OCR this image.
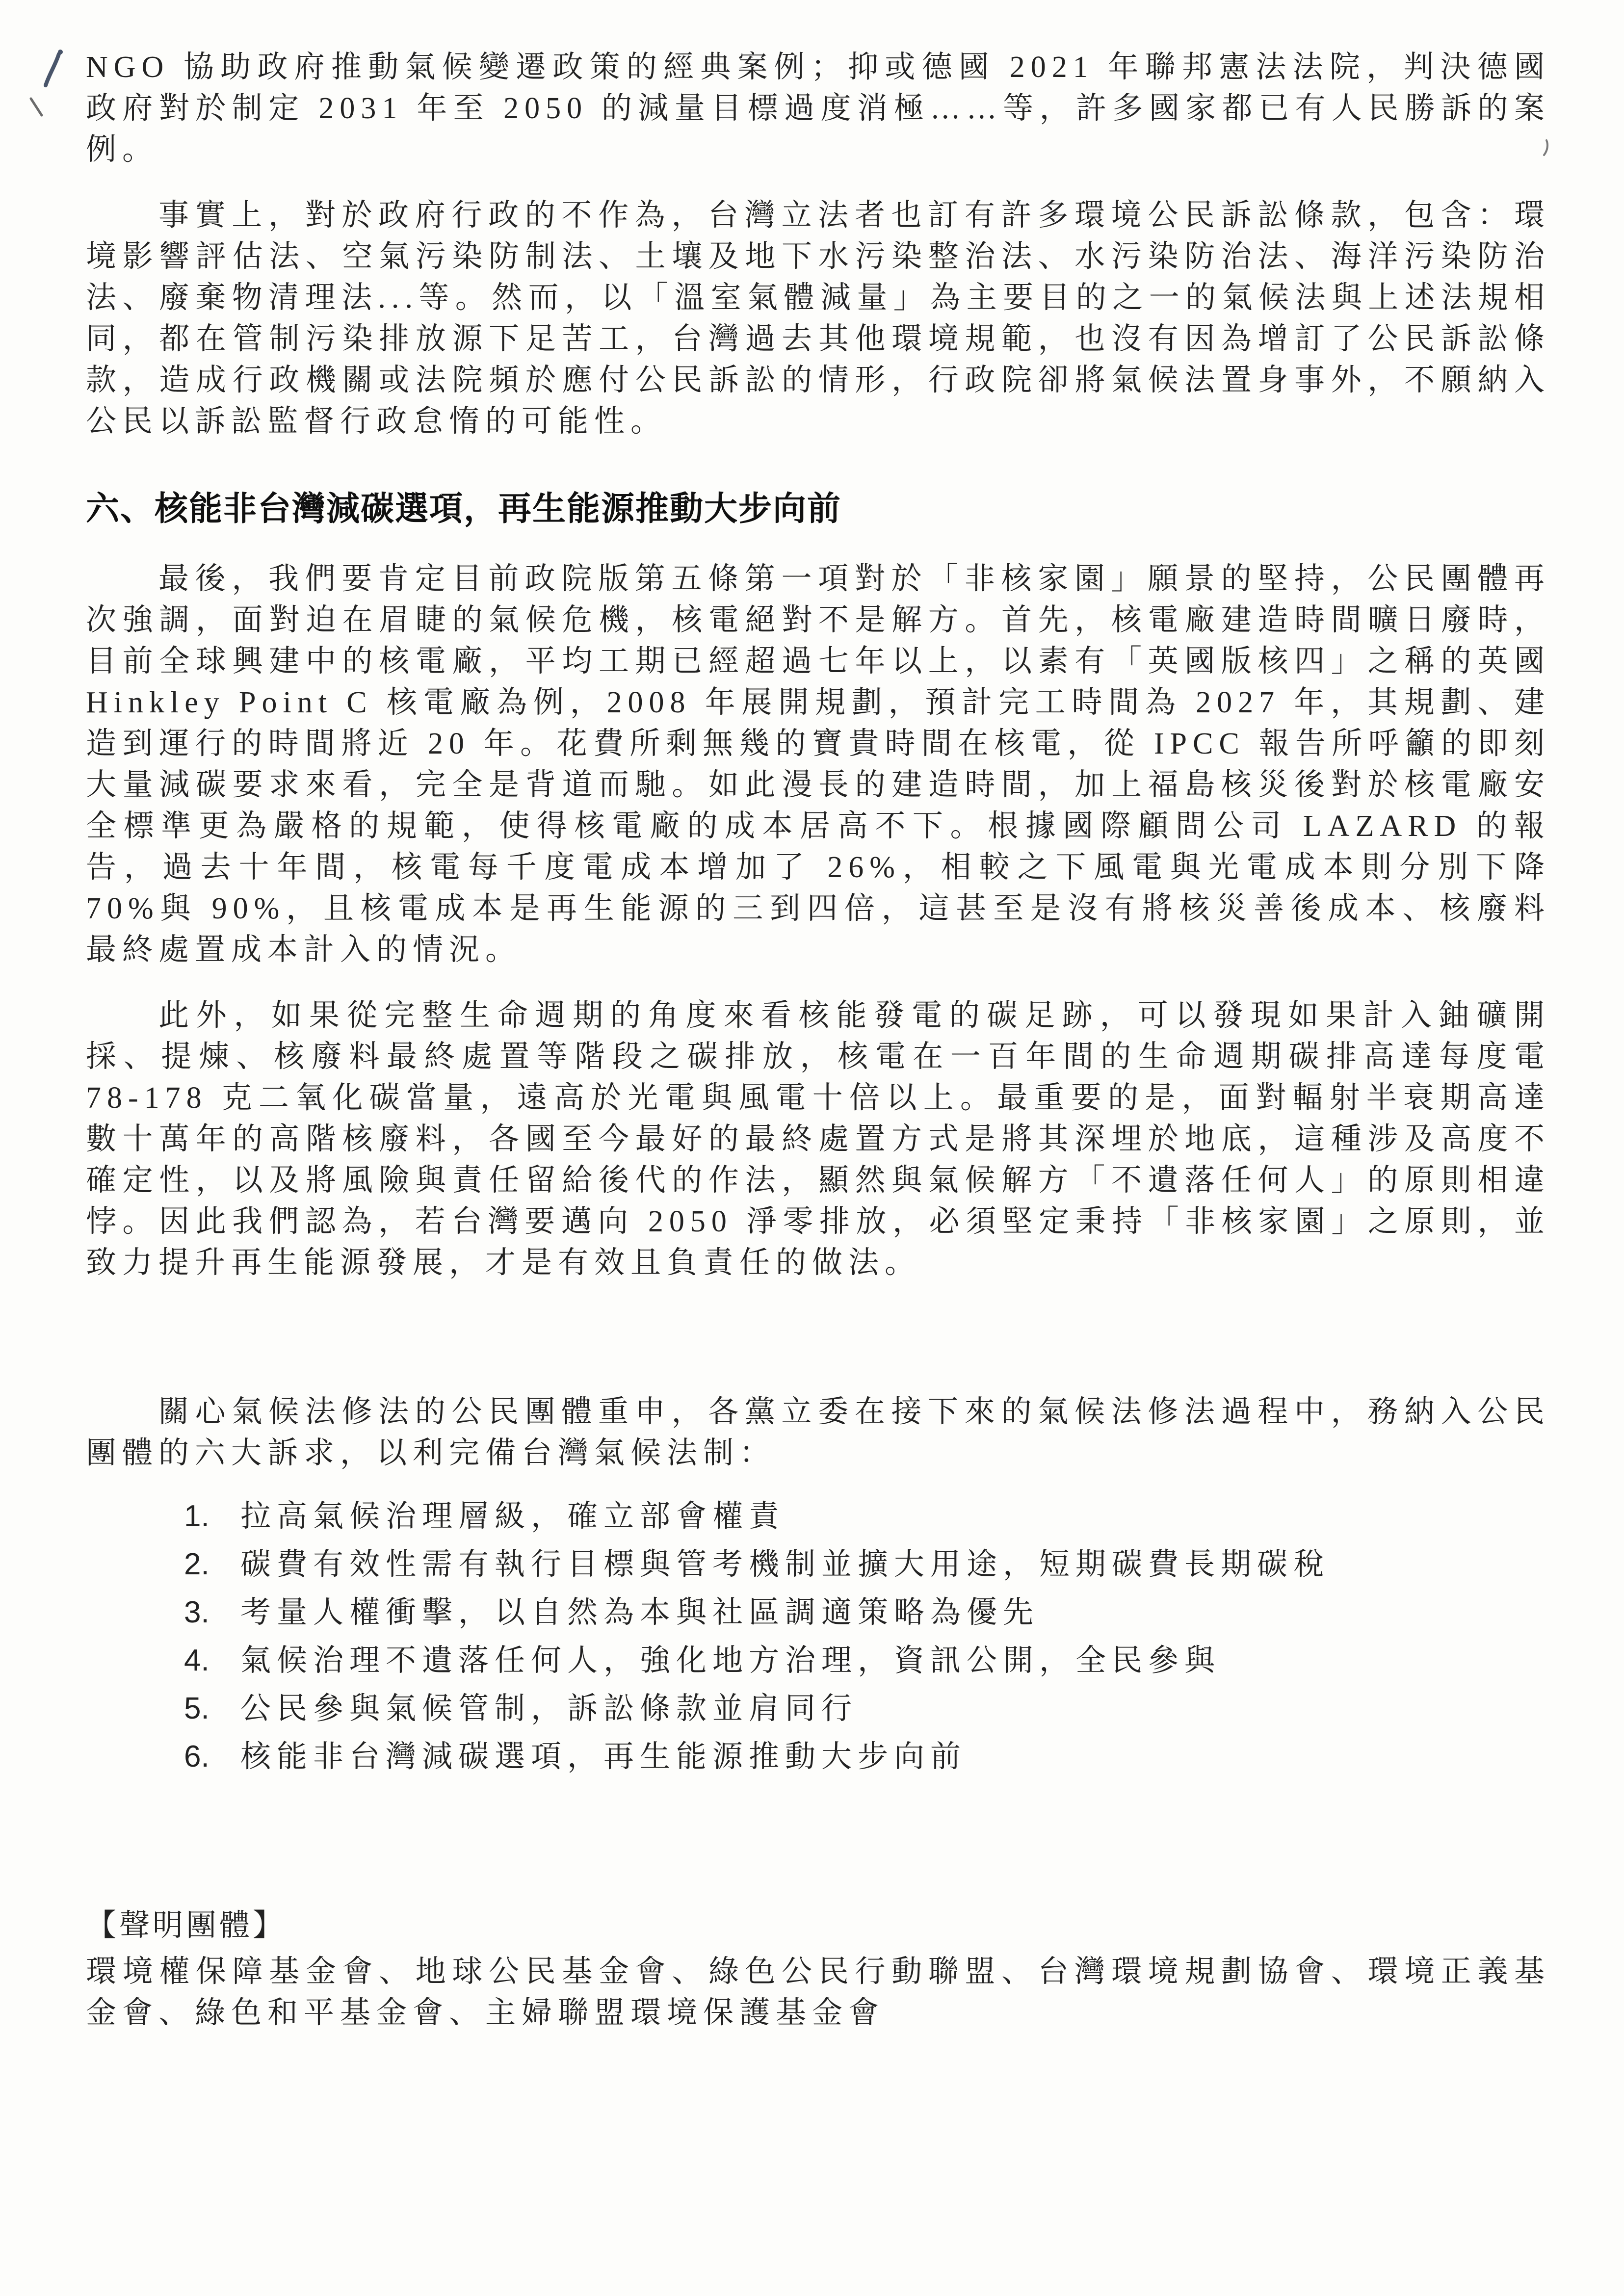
NGO 協助政府推動氣候變遷政策的經典案例；抑或德國 2021 年聯邦憲法法院，判決德國政府對於制定 2031 年至 2050 的減量目標過度消極……等，許多國家都已有人民勝訴的案例。

事實上，對於政府行政的不作為，台灣立法者也訂有許多環境公民訴訟條款，包含：環境影響評估法、空氣污染防制法、土壤及地下水污染整治法、水污染防治法、海洋污染防治法、廢棄物清理法...等。然而，以「溫室氣體減量」為主要目的之一的氣候法與上述法規相同，都在管制污染排放源下足苦工，台灣過去其他環境規範，也沒有因為增訂了公民訴訟條款，造成行政機關或法院頻於應付公民訴訟的情形，行政院卻將氣候法置身事外，不願納入公民以訴訟監督行政怠惰的可能性。

六、核能非台灣減碳選項，再生能源推動大步向前

最後，我們要肯定目前政院版第五條第一項對於「非核家園」願景的堅持，公民團體再次強調，面對迫在眉睫的氣候危機，核電絕對不是解方。首先，核電廠建造時間曠日廢時，目前全球興建中的核電廠，平均工期已經超過七年以上，以素有「英國版核四」之稱的英國 Hinkley Point C 核電廠為例，2008 年展開規劃，預計完工時間為 2027 年，其規劃、建造到運行的時間將近 20 年。花費所剩無幾的寶貴時間在核電，從 IPCC 報告所呼籲的即刻大量減碳要求來看，完全是背道而馳。如此漫長的建造時間，加上福島核災後對於核電廠安全標準更為嚴格的規範，使得核電廠的成本居高不下。根據國際顧問公司 LAZARD 的報告，過去十年間，核電每千度電成本增加了 26%，相較之下風電與光電成本則分別下降 70%與 90%，且核電成本是再生能源的三到四倍，這甚至是沒有將核災善後成本、核廢料最終處置成本計入的情況。

此外，如果從完整生命週期的角度來看核能發電的碳足跡，可以發現如果計入鈾礦開採、提煉、核廢料最終處置等階段之碳排放，核電在一百年間的生命週期碳排高達每度電 78-178 克二氧化碳當量，遠高於光電與風電十倍以上。最重要的是，面對輻射半衰期高達數十萬年的高階核廢料，各國至今最好的最終處置方式是將其深埋於地底，這種涉及高度不確定性，以及將風險與責任留給後代的作法，顯然與氣候解方「不遺落任何人」的原則相違悖。因此我們認為，若台灣要邁向 2050 淨零排放，必須堅定秉持「非核家園」之原則，並致力提升再生能源發展，才是有效且負責任的做法。

關心氣候法修法的公民團體重申，各黨立委在接下來的氣候法修法過程中，務納入公民團體的六大訴求，以利完備台灣氣候法制：

1.	拉高氣候治理層級，確立部會權責
2.	碳費有效性需有執行目標與管考機制並擴大用途，短期碳費長期碳稅
3.	考量人權衝擊，以自然為本與社區調適策略為優先
4.	氣候治理不遺落任何人，強化地方治理，資訊公開，全民參與
5.	公民參與氣候管制，訴訟條款並肩同行
6.	核能非台灣減碳選項，再生能源推動大步向前

【聲明團體】

環境權保障基金會、地球公民基金會、綠色公民行動聯盟、台灣環境規劃協會、環境正義基金會、綠色和平基金會、主婦聯盟環境保護基金會
